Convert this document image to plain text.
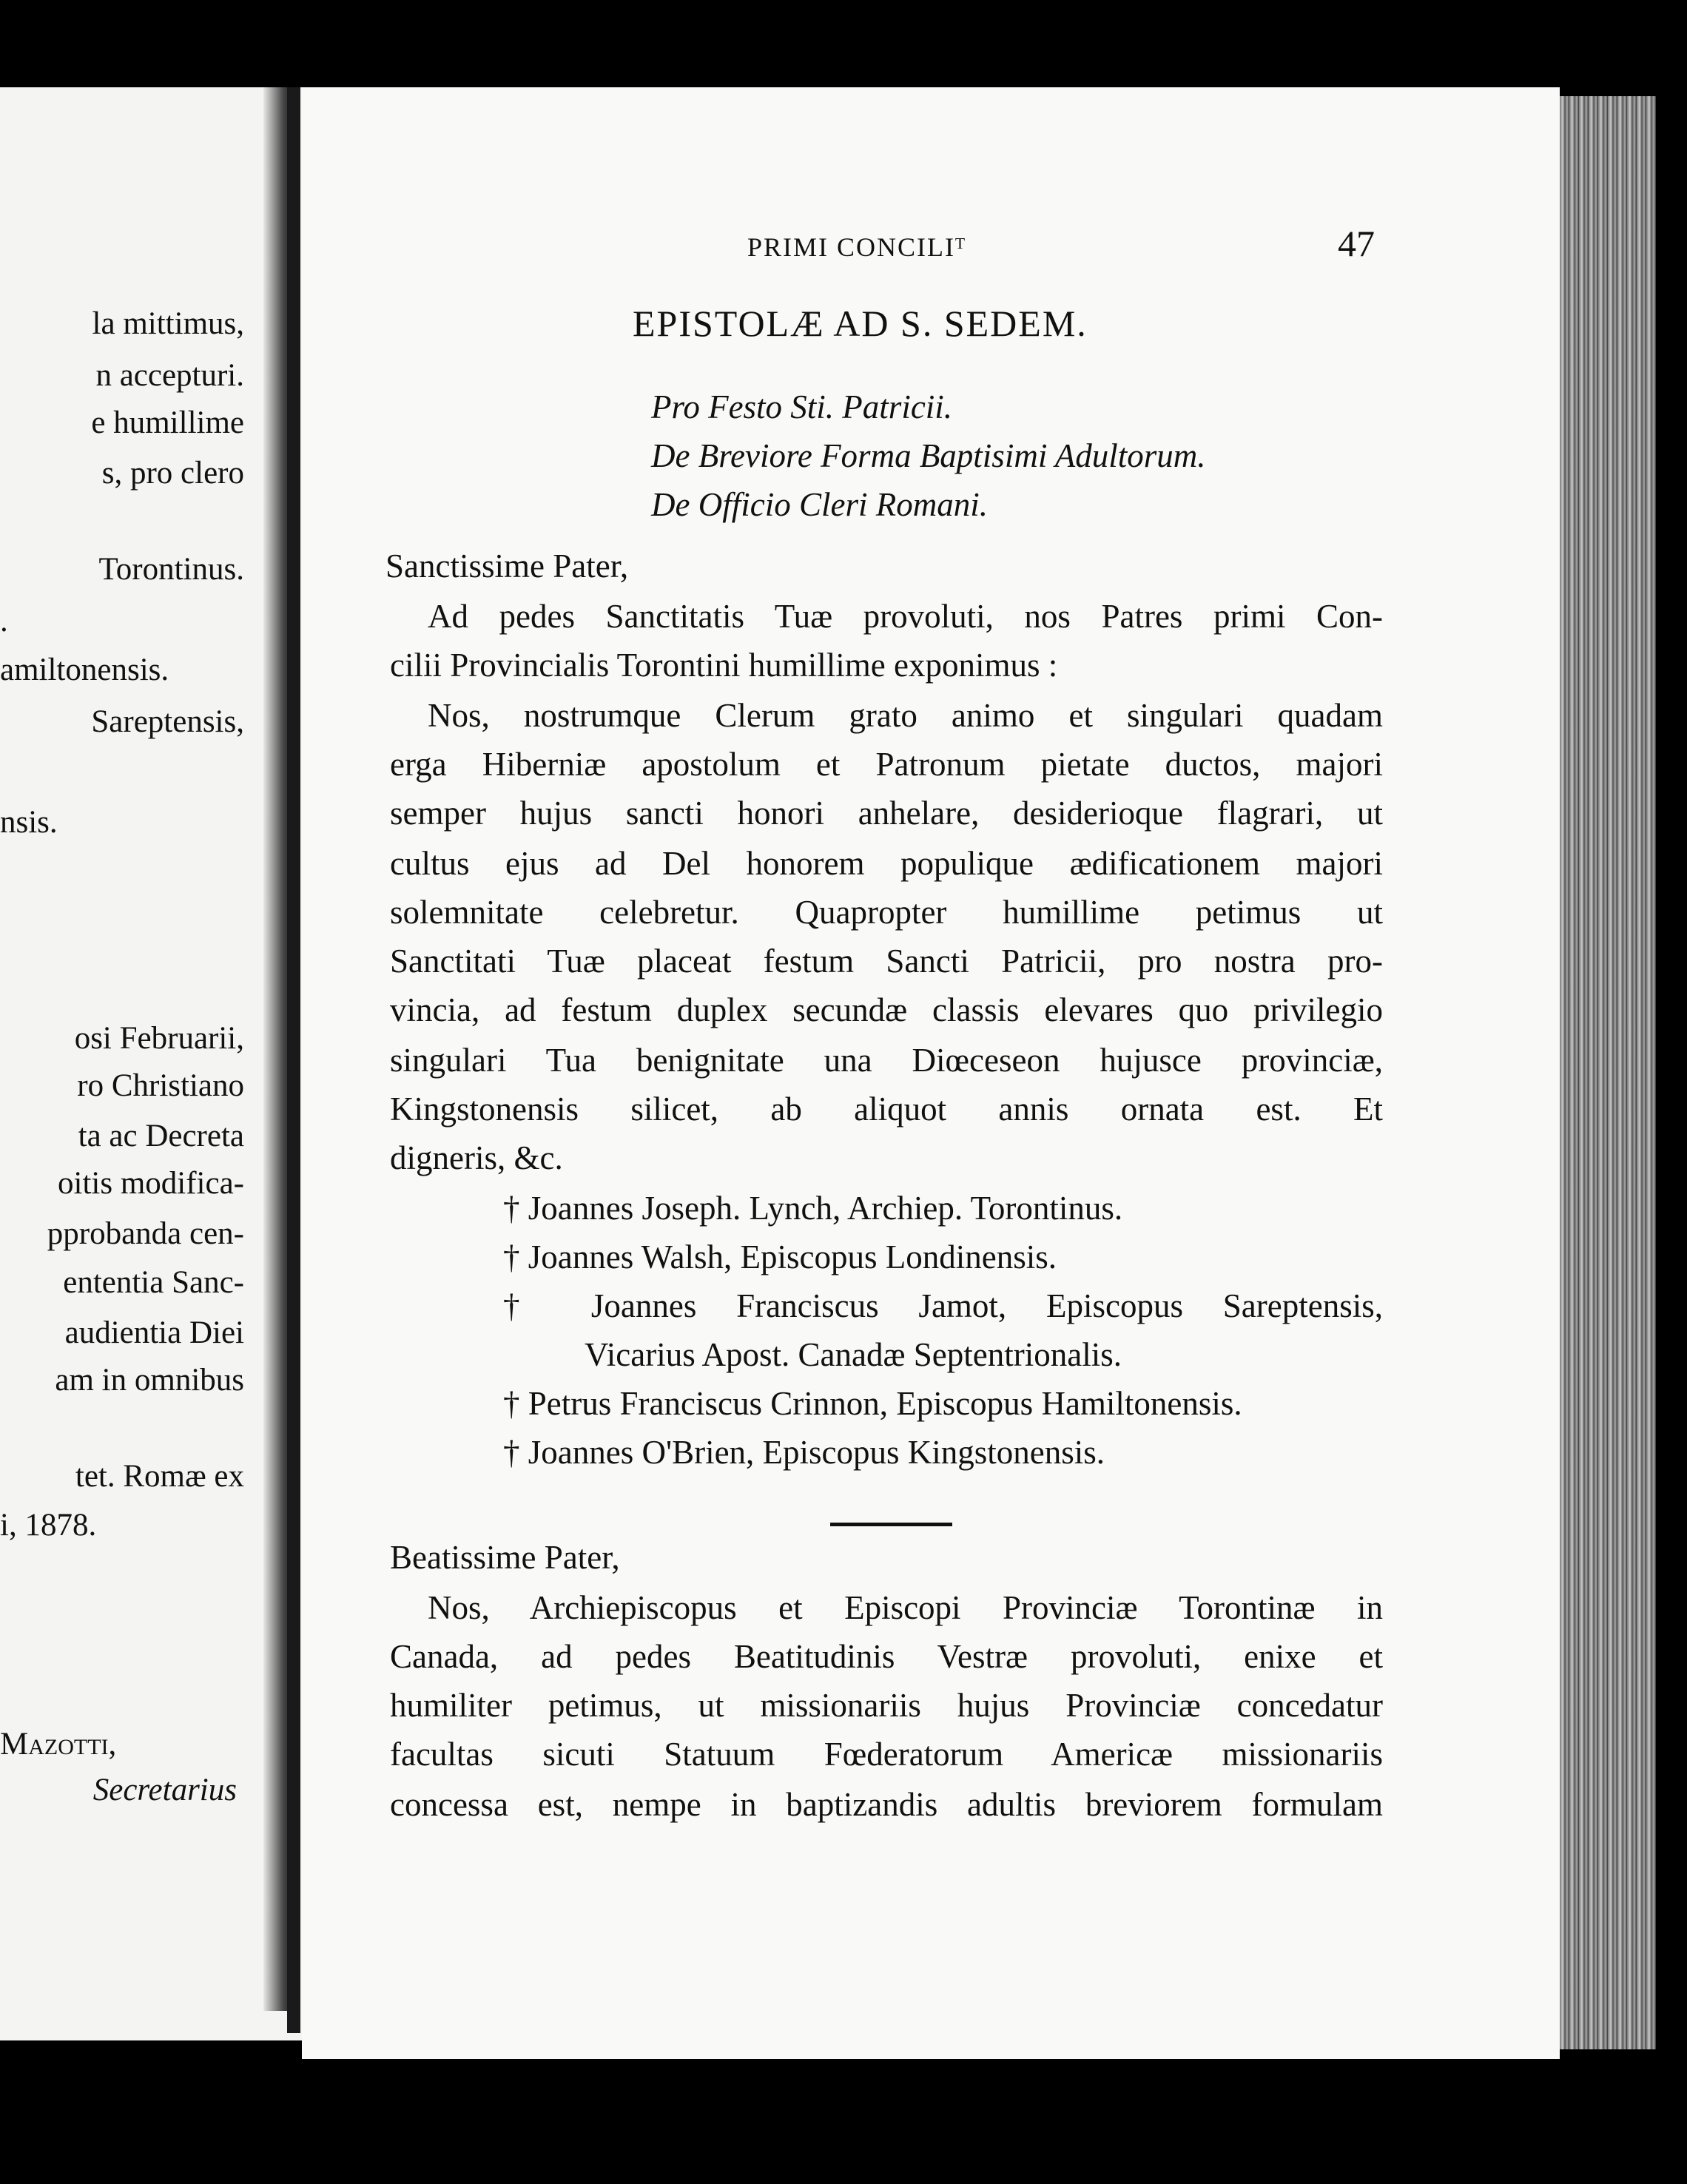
la mittimus,
n accepturi.
e humillime
s, pro clero
Torontinus.
.
amiltonensis.
Sareptensis,
nsis.
osi Februarii,
ro Christiano
ta ac Decreta
oitis modifica-
pprobanda cen-
ententia Sanc-
audientia Diei
am in omnibus
tet. Romæ ex
i, 1878.
Mazotti,
Secretarius
PRIMI CONCILIᵀ	47
EPISTOLÆ AD S. SEDEM.
Pro Festo Sti. Patricii.
De Breviore Forma Baptisimi Adultorum.
De Officio Cleri Romani.
Sanctissime Pater,
Ad pedes Sanctitatis Tuæ provoluti, nos Patres primi Con-
cilii Provincialis Torontini humillime exponimus :
Nos, nostrumque Clerum grato animo et singulari quadam
erga Hiberniæ apostolum et Patronum pietate ductos, majori
semper hujus sancti honori anhelare, desiderioque flagrari, ut
cultus ejus ad Del honorem populique ædificationem majori
solemnitate celebretur. Quapropter humillime petimus ut
Sanctitati Tuæ placeat festum Sancti Patricii, pro nostra pro-
vincia, ad festum duplex secundæ classis elevares quo privilegio
singulari Tua benignitate una Diœceseon hujusce provinciæ,
Kingstonensis silicet, ab aliquot annis ornata est. Et
digneris, &c.
† Joannes Joseph. Lynch, Archiep. Torontinus.
† Joannes Walsh, Episcopus Londinensis.
† Joannes Franciscus Jamot, Episcopus Sareptensis,
Vicarius Apost. Canadæ Septentrionalis.
† Petrus Franciscus Crinnon, Episcopus Hamiltonensis.
† Joannes O'Brien, Episcopus Kingstonensis.
Beatissime Pater,
Nos, Archiepiscopus et Episcopi Provinciæ Torontinæ in
Canada, ad pedes Beatitudinis Vestræ provoluti, enixe et
humiliter petimus, ut missionariis hujus Provinciæ concedatur
facultas sicuti Statuum Fœderatorum Americæ missionariis
concessa est, nempe in baptizandis adultis breviorem formulam
